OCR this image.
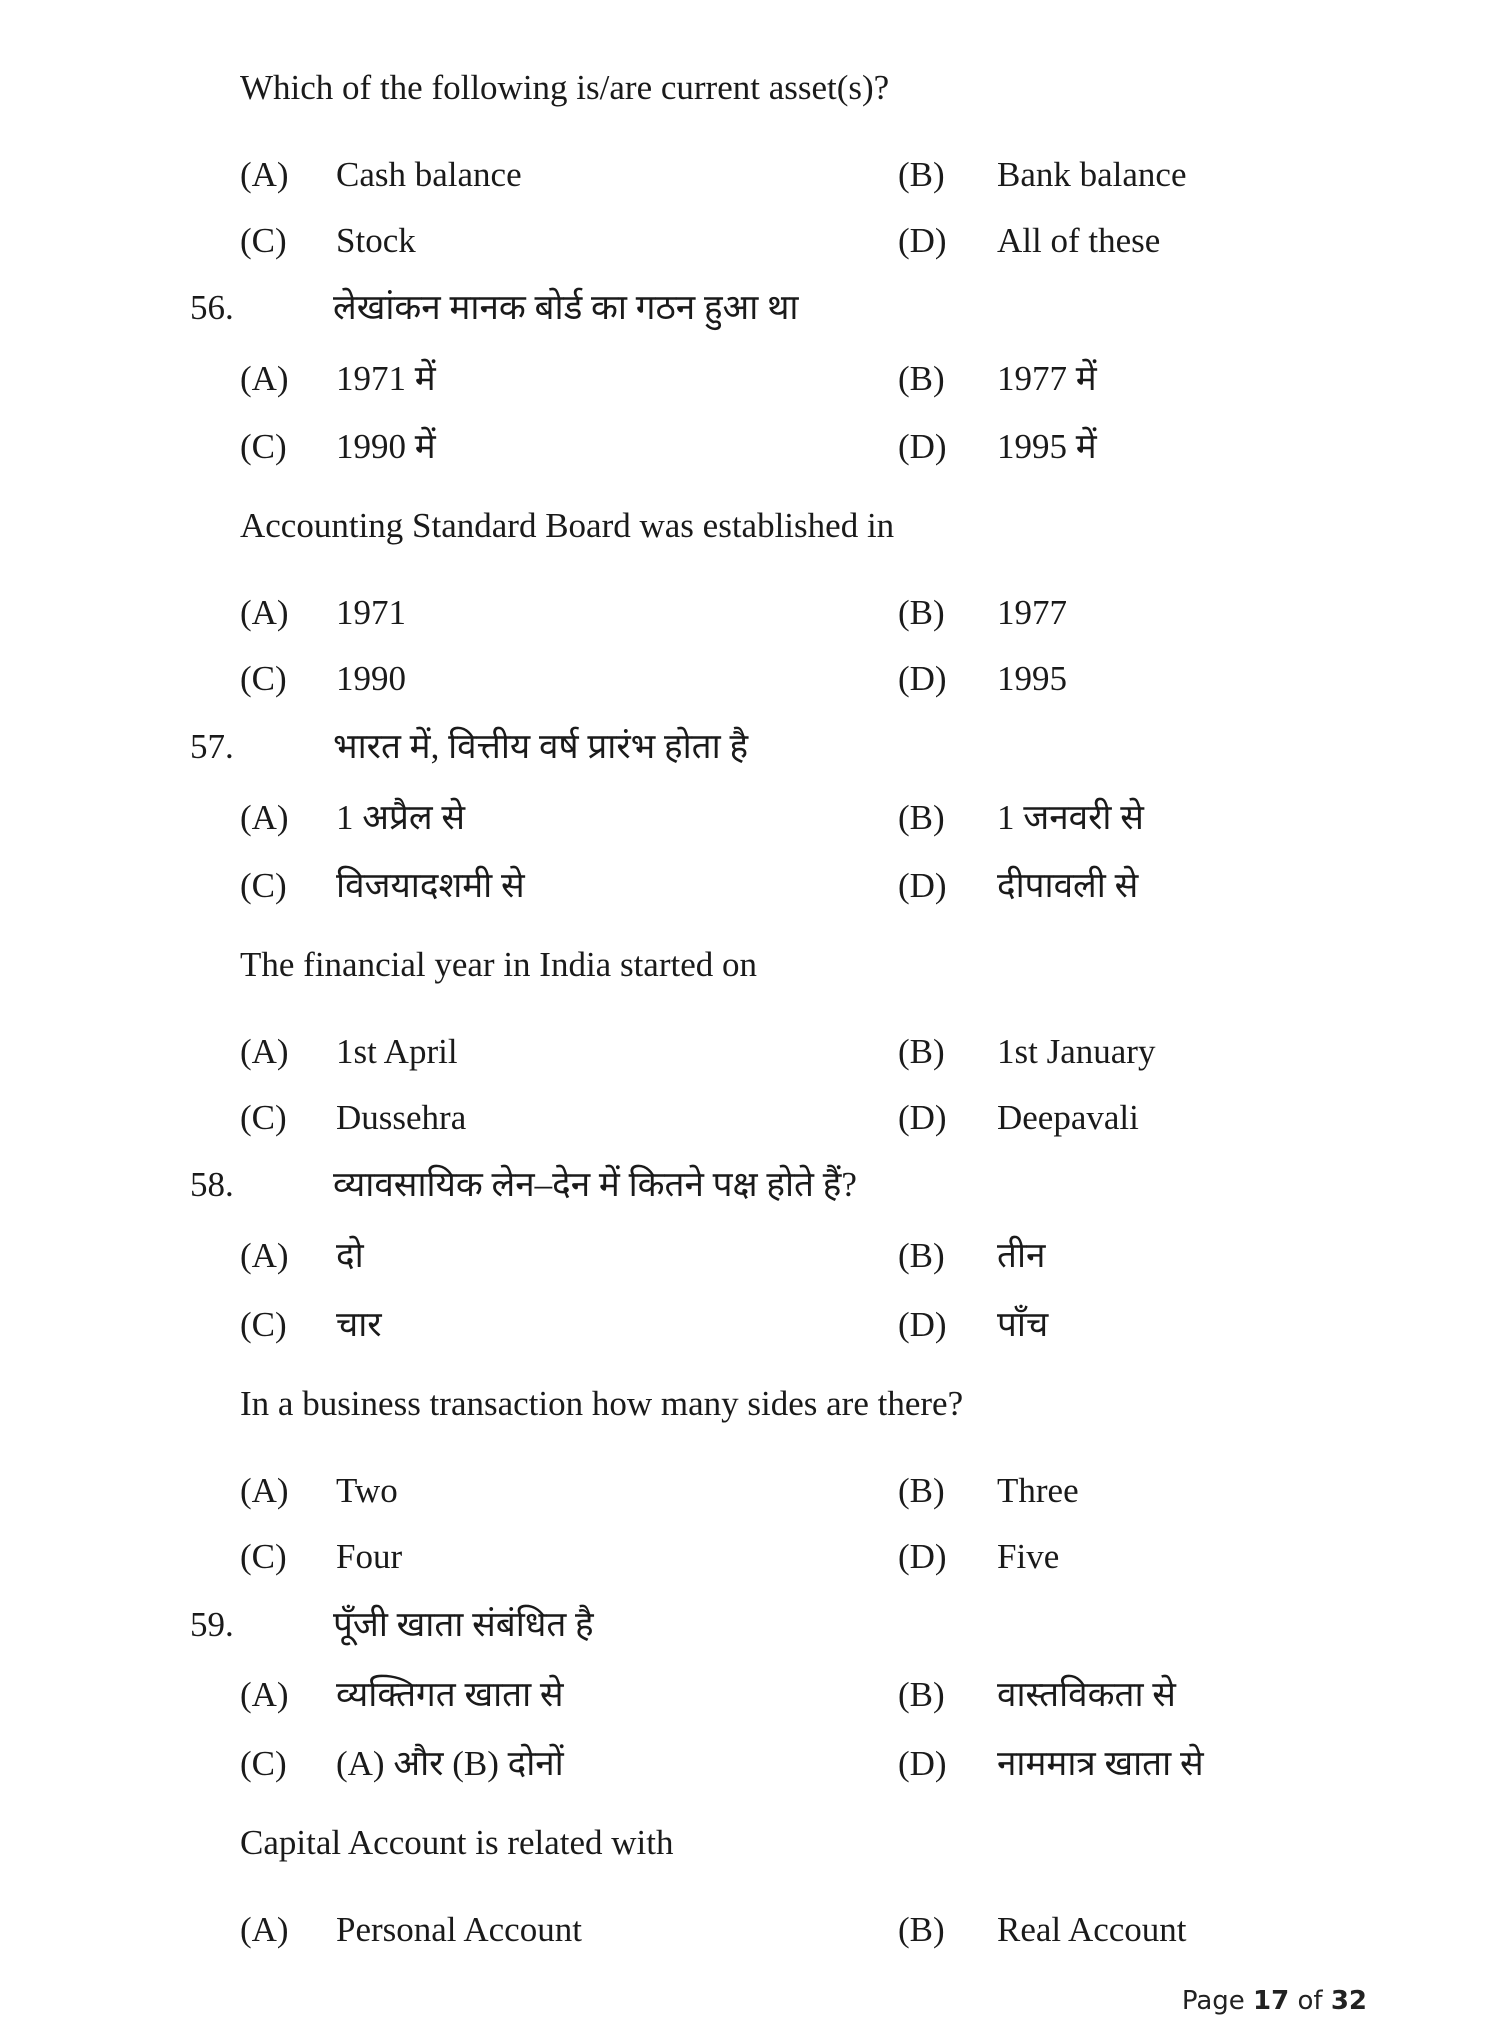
Which of the following is/are current asset(s)?
(A) Cash balance	(B) Bank balance
(C) Stock	(D) All of these
56.	लेखांकन मानक बोर्ड का गठन हुआ था
(A) 1971 में	(B) 1977 में
(C) 1990 में	(D) 1995 में
Accounting Standard Board was established in
(A) 1971	(B) 1977
(C) 1990	(D) 1995
57.	भारत में, वित्तीय वर्ष प्रारंभ होता है
(A) 1 अप्रैल से	(B) 1 जनवरी से
(C) विजयादशमी से	(D) दीपावली से
The financial year in India started on
(A) 1st April	(B) 1st January
(C) Dussehra	(D) Deepavali
58.	व्यावसायिक लेन–देन में कितने पक्ष होते हैं?
(A) दो	(B) तीन
(C) चार	(D) पाँच
In a business transaction how many sides are there?
(A) Two	(B) Three
(C) Four	(D) Five
59.	पूँजी खाता संबंधित है
(A) व्यक्तिगत खाता से	(B) वास्तविकता से
(C) (A) और (B) दोनों	(D) नाममात्र खाता से
Capital Account is related with
(A) Personal Account	(B) Real Account
Page 17 of 32
